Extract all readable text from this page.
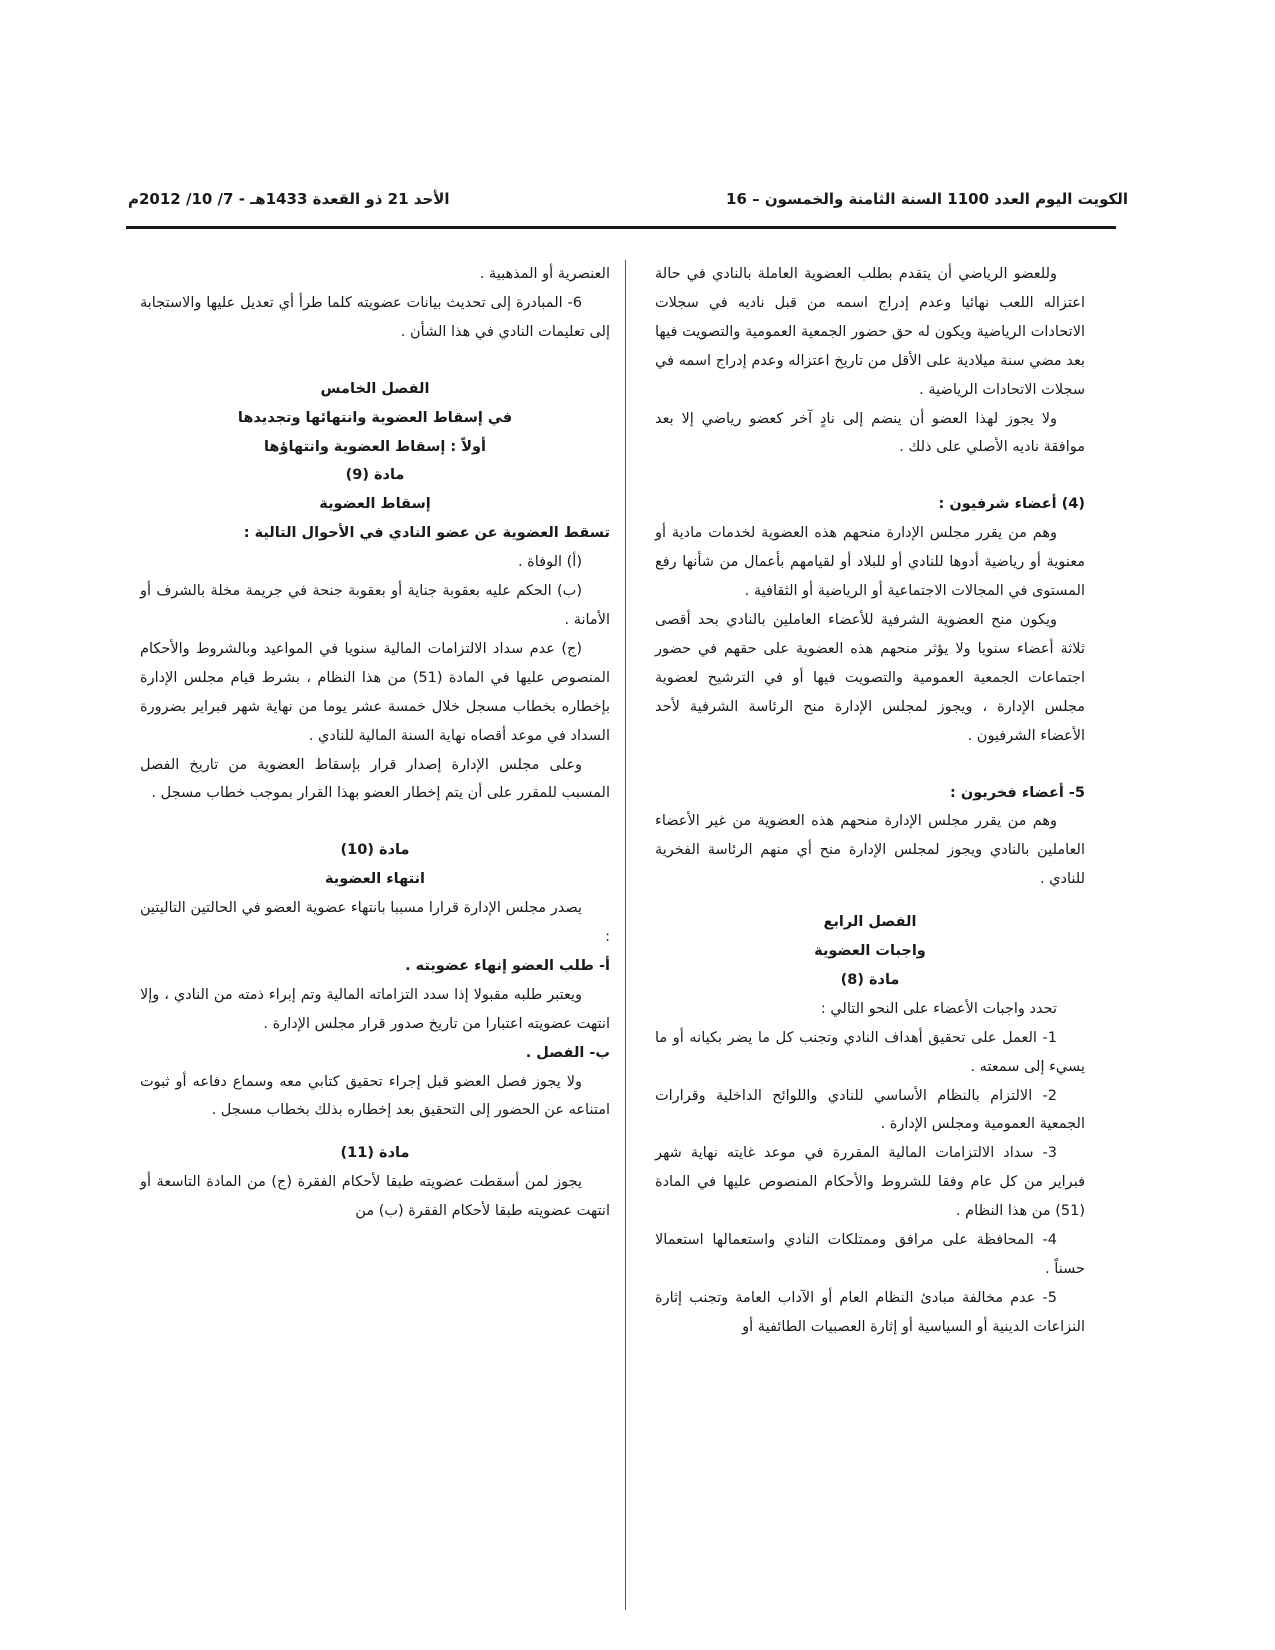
الكويت اليوم العدد 1100 السنة الثامنة والخمسون – 16
الأحد 21 ذو القعدة 1433هـ - 7/ 10/ 2012م

وللعضو الرياضي أن يتقدم بطلب العضوية العاملة بالنادي في حالة اعتزاله اللعب نهائيا وعدم إدراج اسمه من قبل ناديه في سجلات الاتحادات الرياضية ويكون له حق حضور الجمعية العمومية والتصويت فيها بعد مضي سنة ميلادية على الأقل من تاريخ اعتزاله وعدم إدراج اسمه في سجلات الاتحادات الرياضية .

ولا يجوز لهذا العضو أن ينضم إلى نادٍ آخر كعضو رياضي إلا بعد موافقة ناديه الأصلي على ذلك .

(4) أعضاء شرفيون :

وهم من يقرر مجلس الإدارة منحهم هذه العضوية لخدمات مادية أو معنوية أو رياضية أدوها للنادي أو للبلاد أو لقيامهم بأعمال من شأنها رفع المستوى في المجالات الاجتماعية أو الرياضية أو الثقافية .

ويكون منح العضوية الشرفية للأعضاء العاملين بالنادي بحد أقصى ثلاثة أعضاء سنويا ولا يؤثر منحهم هذه العضوية على حقهم في حضور اجتماعات الجمعية العمومية والتصويت فيها أو في الترشيح لعضوية مجلس الإدارة ، ويجوز لمجلس الإدارة منح الرئاسة الشرفية لأحد الأعضاء الشرفيون .

5- أعضاء فخريون :

وهم من يقرر مجلس الإدارة منحهم هذه العضوية من غير الأعضاء العاملين بالنادي ويجوز لمجلس الإدارة منح أي منهم الرئاسة الفخرية للنادي .

الفصل الرابع

واجبات العضوية

مادة (8)

تحدد واجبات الأعضاء على النحو التالي :

1- العمل على تحقيق أهداف النادي وتجنب كل ما يضر بكيانه أو ما يسيء إلى سمعته .

2- الالتزام بالنظام الأساسي للنادي واللوائح الداخلية وقرارات الجمعية العمومية ومجلس الإدارة .

3- سداد الالتزامات المالية المقررة في موعد غايته نهاية شهر فبراير من كل عام وفقا للشروط والأحكام المنصوص عليها في المادة (51) من هذا النظام .

4- المحافظة على مرافق وممتلكات النادي واستعمالها استعمالا حسناً .

5- عدم مخالفة مبادئ النظام العام أو الآداب العامة وتجنب إثارة النزاعات الدينية أو السياسية أو إثارة العصبيات الطائفية أو

العنصرية أو المذهبية .

6- المبادرة إلى تحديث بيانات عضويته كلما طرأ أي تعديل عليها والاستجابة إلى تعليمات النادي في هذا الشأن .

الفصل الخامس

في إسقاط العضوية وانتهائها وتجديدها

أولاً : إسقاط العضوية وانتهاؤها

مادة (9)

إسقاط العضوية

تسقط العضوية عن عضو النادي في الأحوال التالية :

(أ) الوفاة .

(ب) الحكم عليه بعقوبة جناية أو بعقوبة جنحة في جريمة مخلة بالشرف أو الأمانة .

(ج) عدم سداد الالتزامات المالية سنويا في المواعيد وبالشروط والأحكام المنصوص عليها في المادة (51) من هذا النظام ، بشرط قيام مجلس الإدارة بإخطاره بخطاب مسجل خلال خمسة عشر يوما من نهاية شهر فبراير بضرورة السداد في موعد أقصاه نهاية السنة المالية للنادي .

وعلى مجلس الإدارة إصدار قرار بإسقاط العضوية من تاريخ الفصل المسبب للمقرر على أن يتم إخطار العضو بهذا القرار بموجب خطاب مسجل .

مادة (10)

انتهاء العضوية

يصدر مجلس الإدارة قرارا مسببا بانتهاء عضوية العضو في الحالتين التاليتين :

أ- طلب العضو إنهاء عضويته .

ويعتبر طلبه مقبولا إذا سدد التزاماته المالية وتم إبراء ذمته من النادي ، وإلا انتهت عضويته اعتبارا من تاريخ صدور قرار مجلس الإدارة .

ب- الفصل .

ولا يجوز فصل العضو قبل إجراء تحقيق كتابي معه وسماع دفاعه أو ثبوت امتناعه عن الحضور إلى التحقيق بعد إخطاره بذلك بخطاب مسجل .

مادة (11)

يجوز لمن أسقطت عضويته طبقا لأحكام الفقرة (ج) من المادة التاسعة أو انتهت عضويته طبقا لأحكام الفقرة (ب) من
